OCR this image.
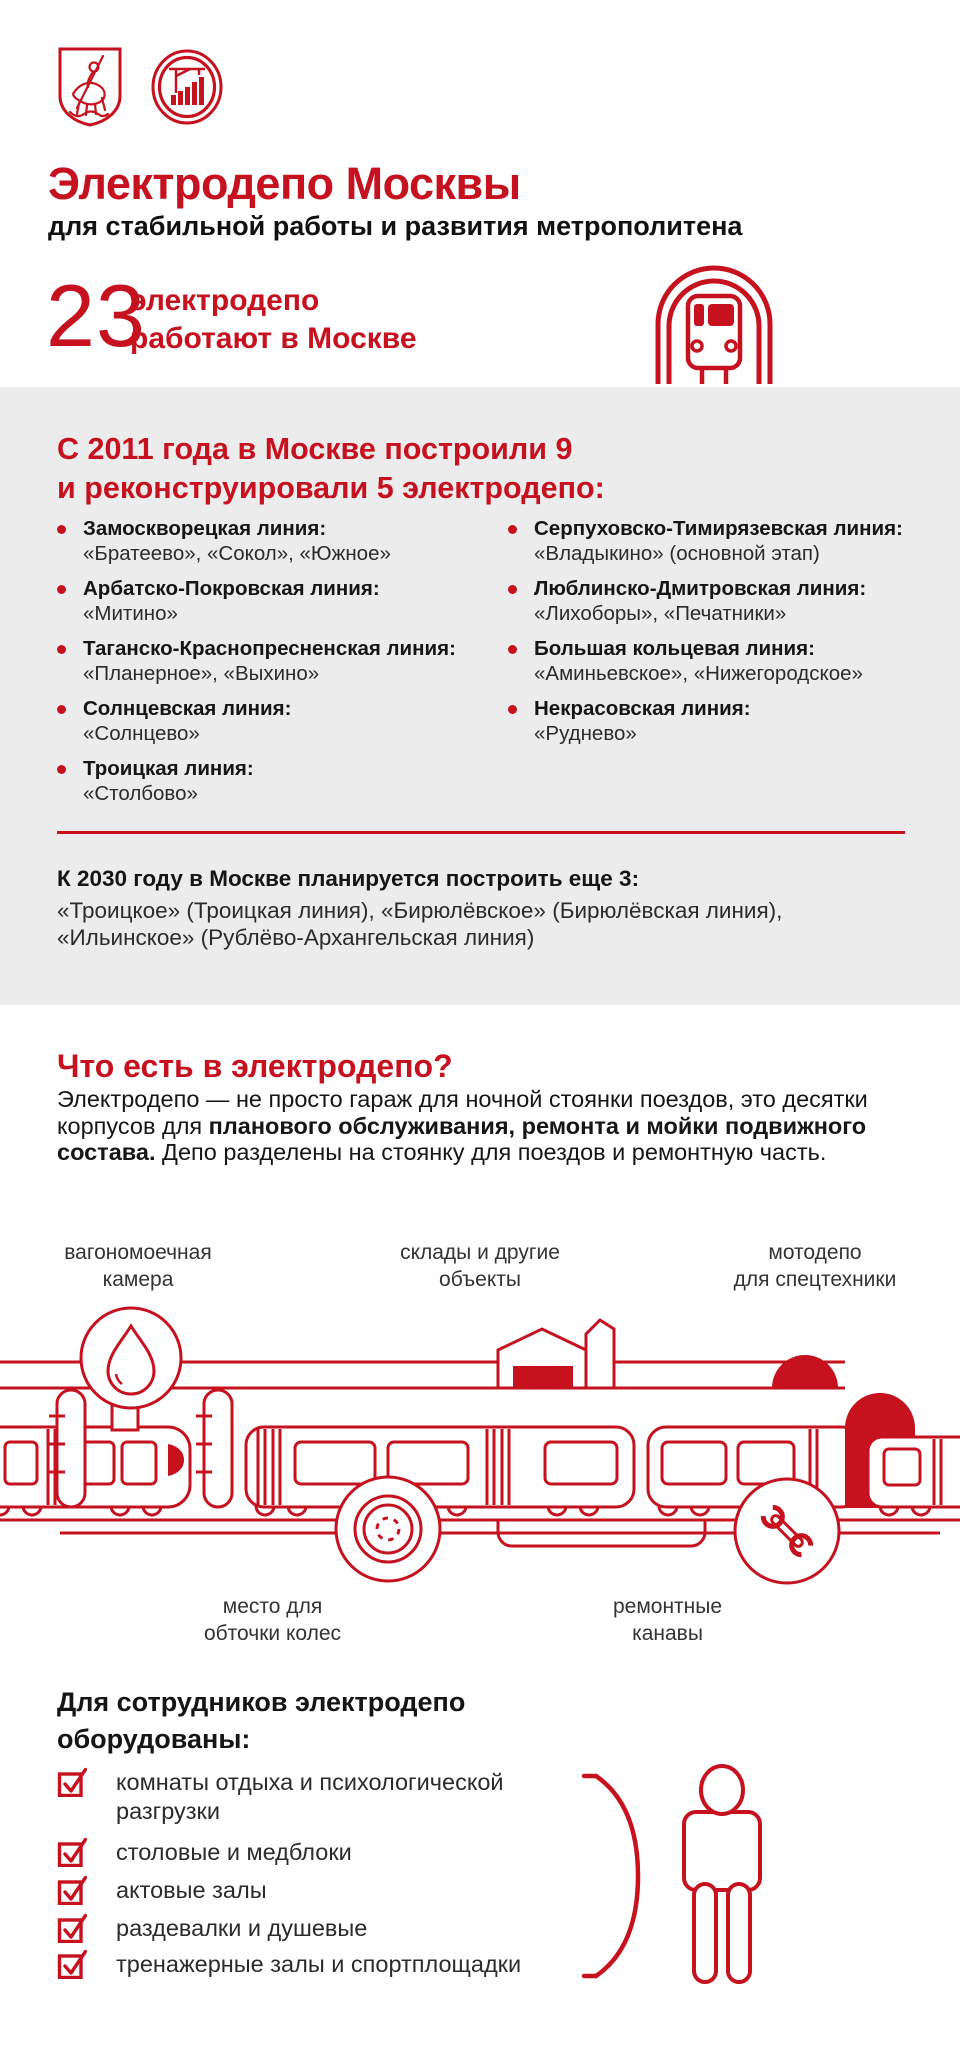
Электродепо Москвы
для стабильной работы и развития метрополитена
23
электродепо
работают в Москве
С 2011 года в Москве построили 9
и реконструировали 5 электродепо:
Замоскворецкая линия:
«Братеево», «Сокол», «Южное»
Арбатско-Покровская линия:
«Митино»
Таганско-Краснопресненская линия:
«Планерное», «Выхино»
Солнцевская линия:
«Солнцево»
Троицкая линия:
«Столбово»
Серпуховско-Тимирязевская линия:
«Владыкино» (основной этап)
Люблинско-Дмитровская линия:
«Лихоборы», «Печатники»
Большая кольцевая линия:
«Аминьевское», «Нижегородское»
Некрасовская линия:
«Руднево»
К 2030 году в Москве планируется построить еще 3:
«Троицкое» (Троицкая линия), «Бирюлёвское» (Бирюлёвская линия),
«Ильинское» (Рублёво-Архангельская линия)
Что есть в электродепо?
Электродепо — не просто гараж для ночной стоянки поездов, это десятки корпусов для планового обслуживания, ремонта и мойки подвижного состава. Депо разделены на стоянку для поездов и ремонтную часть.
вагономоечная
камера
склады и другие
объекты
мотодепо
для спецтехники
место для
обточки колес
ремонтные
канавы
Для сотрудников электродепо
оборудованы:
комнаты отдыха и психологической разгрузки
столовые и медблоки
актовые залы
раздевалки и душевые
тренажерные залы и спортплощадки
